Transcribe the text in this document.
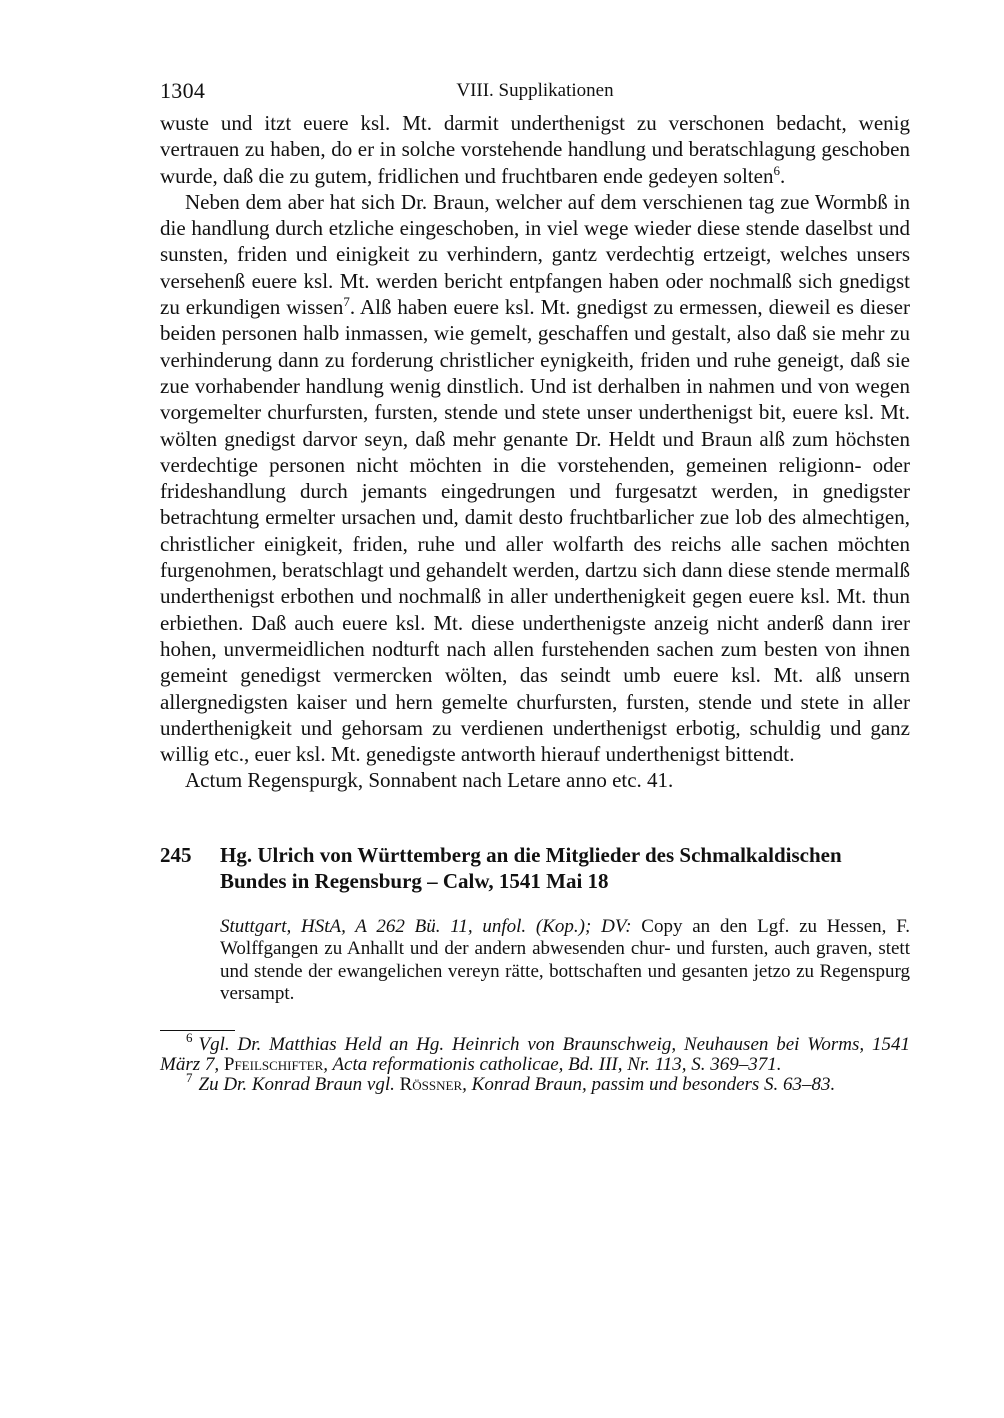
1304	VIII. Supplikationen

wuste und itzt euere ksl. Mt. darmit underthenigst zu verschonen bedacht, wenig vertrauen zu haben, do er in solche vorstehende handlung und beratschlagung geschoben wurde, daß die zu gutem, fridlichen und fruchtbaren ende gedeyen solten$^6$.

Neben dem aber hat sich Dr. Braun, welcher auf dem verschienen tag zue Wormbß in die handlung durch etzliche eingeschoben, in viel wege wieder diese stende daselbst und sunsten, friden und einigkeit zu verhindern, gantz verdechtig ertzeigt, welches unsers versehenß euere ksl. Mt. werden bericht entpfangen haben oder nochmalß sich gnedigst zu erkundigen wissen$^7$. Alß haben euere ksl. Mt. gnedigst zu ermessen, dieweil es dieser beiden personen halb inmassen, wie gemelt, geschaffen und gestalt, also daß sie mehr zu verhinderung dann zu forderung christlicher eynigkeith, friden und ruhe geneigt, daß sie zue vorhabender handlung wenig dinstlich. Und ist derhalben in nahmen und von wegen vorgemelter churfursten, fursten, stende und stete unser underthenigst bit, euere ksl. Mt. wölten gnedigst darvor seyn, daß mehr genante Dr. Heldt und Braun alß zum höchsten verdechtige personen nicht möchten in die vorstehenden, gemeinen religionn- oder frideshandlung durch jemants eingedrungen und furgesatzt werden, in gnedigster betrachtung ermelter ursachen und, damit desto fruchtbarlicher zue lob des almechtigen, christlicher einigkeit, friden, ruhe und aller wolfarth des reichs alle sachen möchten furgenohmen, beratschlagt und gehandelt werden, dartzu sich dann diese stende mermalß underthenigst erbothen und nochmalß in aller underthenigkeit gegen euere ksl. Mt. thun erbiethen. Daß auch euere ksl. Mt. diese underthenigste anzeig nicht anderß dann irer hohen, unvermeidlichen nodturft nach allen furstehenden sachen zum besten von ihnen gemeint genedigst vermercken wölten, das seindt umb euere ksl. Mt. alß unsern allergnedigsten kaiser und hern gemelte churfursten, fursten, stende und stete in aller underthenigkeit und gehorsam zu verdienen underthenigst erbotig, schuldig und ganz willig etc., euer ksl. Mt. genedigste antworth hierauf underthenigst bittendt.

Actum Regenspurgk, Sonnabent nach Letare anno etc. 41.

245	Hg. Ulrich von Württemberg an die Mitglieder des Schmalkaldischen Bundes in Regensburg – Calw, 1541 Mai 18
Stuttgart, HStA, A 262 Bü. 11, unfol. (Kop.); DV: Copy an den Lgf. zu Hessen, F. Wolffgangen zu Anhallt und der andern abwesenden chur- und fursten, auch graven, stett und stende der ewangelichen vereyn rätte, bottschaften und gesanten jetzo zu Regenspurg versampt.

$^6$ Vgl. Dr. Matthias Held an Hg. Heinrich von Braunschweig, Neuhausen bei Worms, 1541 März 7, Pfeilschifter, Acta reformationis catholicae, Bd. III, Nr. 113, S. 369–371.

$^7$ Zu Dr. Konrad Braun vgl. Rössner, Konrad Braun, passim und besonders S. 63–83.
